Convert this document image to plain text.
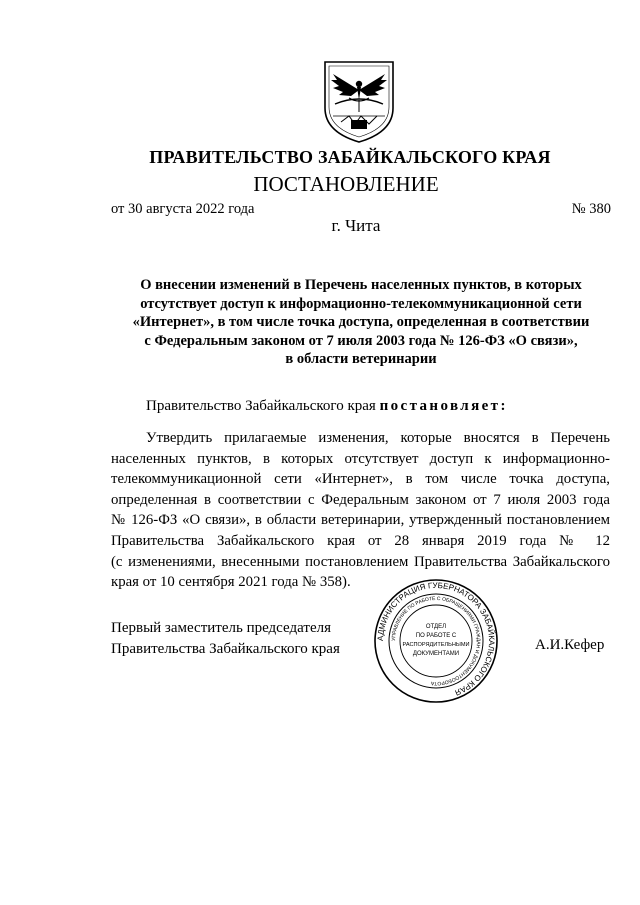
ПРАВИТЕЛЬСТВО ЗАБАЙКАЛЬСКОГО КРАЯ
ПОСТАНОВЛЕНИЕ
от 30 августа 2022 года	№ 380
г. Чита
О внесении изменений в Перечень населенных пунктов, в которых
отсутствует доступ к информационно-телекоммуникационной сети
«Интернет», в том числе точка доступа, определенная в соответствии
с Федеральным законом от 7 июля 2003 года № 126-ФЗ «О связи»,
в области ветеринарии
Правительство Забайкальского края постановляет:
Утвердить прилагаемые изменения, которые вносятся в Перечень
населенных пунктов, в которых отсутствует доступ к информационно-
телекоммуникационной сети «Интернет», в том числе точка доступа,
определенная в соответствии с Федеральным законом от 7 июля 2003 года
№ 126-ФЗ «О связи», в области ветеринарии, утвержденный постановлением
Правительства Забайкальского края от 28 января 2019 года № 12
(с изменениями, внесенными постановлением Правительства Забайкальского
края от 10 сентября 2021 года № 358).
Первый заместитель председателя
Правительства Забайкальского края	А.И.Кефер
АДМИНИСТРАЦИЯ ГУБЕРНАТОРА ЗАБАЙКАЛЬСКОГО КРАЯ
УПРАВЛЕНИЕ ПО РАБОТЕ С ОБРАЩЕНИЯМИ ГРАЖДАН И ДОКУМЕНТООБОРОТА
ОТДЕЛ
ПО РАБОТЕ С
РАСПОРЯДИТЕЛЬНЫМИ
ДОКУМЕНТАМИ
